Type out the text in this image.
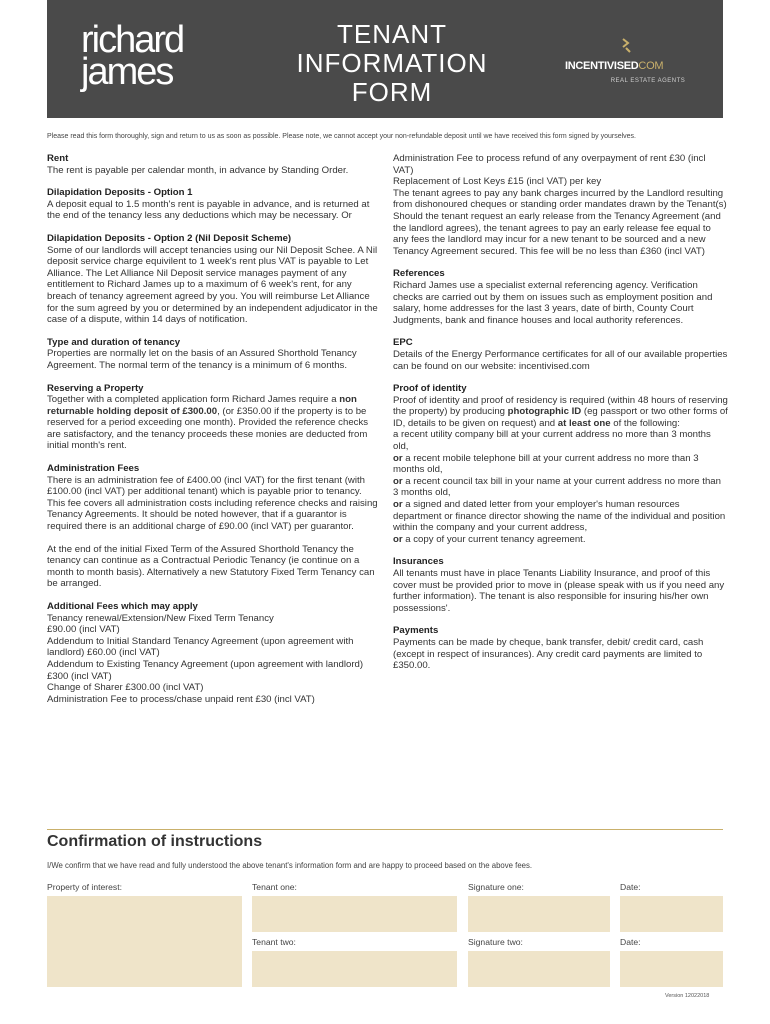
richard
james
TENANT
INFORMATION
FORM
INCENTIVISEDCOM
REAL ESTATE AGENTS
Please read this form thoroughly, sign and return to us as soon as possible. Please note, we cannot accept your non-refundable deposit until we have received this form signed by yourselves.
Rent

The rent is payable per calendar month, in advance by Standing Order.

Dilapidation Deposits - Option 1

A deposit equal to 1.5 month's rent is payable in advance, and is returned at the end of the tenancy less any deductions which may be necessary. Or

Dilapidation Deposits - Option 2 (Nil Deposit Scheme)

Some of our landlords will accept tenancies using our Nil Deposit Schee. A Nil deposit service charge equivilent to 1 week's rent plus VAT is payable to Let Alliance. The Let Alliance Nil Deposit service manages payment of any entitlement to Richard James up to a maximum of 6 week's rent, for any breach of tenancy agreement agreed by you. You will reimburse Let Alliance for the sum agreed by you or determined by an independent adjudicator in the case of a dispute, within 14 days of notification.

Type and duration of tenancy

Properties are normally let on the basis of an Assured Shorthold Tenancy Agreement. The normal term of the tenancy is a minimum of 6 months.

Reserving a Property

Together with a completed application form Richard James require a non returnable holding deposit of £300.00, (or £350.00 if the property is to be reserved for a period exceeding one month). Provided the reference checks are satisfactory, and the tenancy proceeds these monies are deducted from initial month's rent.

Administration Fees

There is an administration fee of £400.00 (incl VAT) for the first tenant (with £100.00 (incl VAT) per additional tenant) which is payable prior to tenancy. This fee covers all administration costs including reference checks and raising Tenancy Agreements. It should be noted however, that if a guarantor is required there is an additional charge of £90.00 (incl VAT) per guarantor.

At the end of the initial Fixed Term of the Assured Shorthold Tenancy the tenancy can continue as a Contractual Periodic Tenancy (ie continue on a month to month basis). Alternatively a new Statutory Fixed Term Tenancy can be arranged.

Additional Fees which may apply

Tenancy renewal/Extension/New Fixed Term Tenancy
£90.00 (incl VAT)
Addendum to Initial Standard Tenancy Agreement (upon agreement with landlord) £60.00 (incl VAT)
Addendum to Existing Tenancy Agreement (upon agreement with landlord) £300 (incl VAT)
Change of Sharer £300.00 (incl VAT)
Administration Fee to process/chase unpaid rent £30 (incl VAT)

Administration Fee to process refund of any overpayment of rent £30 (incl VAT)
Replacement of Lost Keys £15 (incl VAT) per key
The tenant agrees to pay any bank charges incurred by the Landlord resulting from dishonoured cheques or standing order mandates drawn by the Tenant(s)
Should the tenant request an early release from the Tenancy Agreement (and the landlord agrees), the tenant agrees to pay an early release fee equal to any fees the landlord may incur for a new tenant to be sourced and a new Tenancy Agreement secured. This fee will be no less than £360 (incl VAT)

References

Richard James use a specialist external referencing agency. Verification checks are carried out by them on issues such as employment position and salary, home addresses for the last 3 years, date of birth, County Court Judgments, bank and finance houses and local authority references.

EPC

Details of the Energy Performance certificates for all of our available properties can be found on our website: incentivised.com

Proof of identity

Proof of identity and proof of residency is required (within 48 hours of reserving the property) by producing photographic ID (eg passport or two other forms of ID, details to be given on request) and at least one of the following:
a recent utility company bill at your current address no more than 3 months old,
or a recent mobile telephone bill at your current address no more than 3 months old,
or a recent council tax bill in your name at your current address no more than 3 months old,
or a signed and dated letter from your employer's human resources department or finance director showing the name of the individual and position within the company and your current address,
or a copy of your current tenancy agreement.

Insurances

All tenants must have in place Tenants Liability Insurance, and proof of this cover must be provided prior to move in (please speak with us if you need any further information). The tenant is also responsible for insuring his/her own possessions'.

Payments

Payments can be made by cheque, bank transfer, debit/ credit card, cash (except in respect of insurances). Any credit card payments are limited to £350.00.

Confirmation of instructions
I/We confirm that we have read and fully understood the above tenant's information form and are happy to proceed based on the above fees.
Property of interest:	Tenant one:	Signature one:	Date:
Tenant two:	Signature two:	Date:
Version 12022018
